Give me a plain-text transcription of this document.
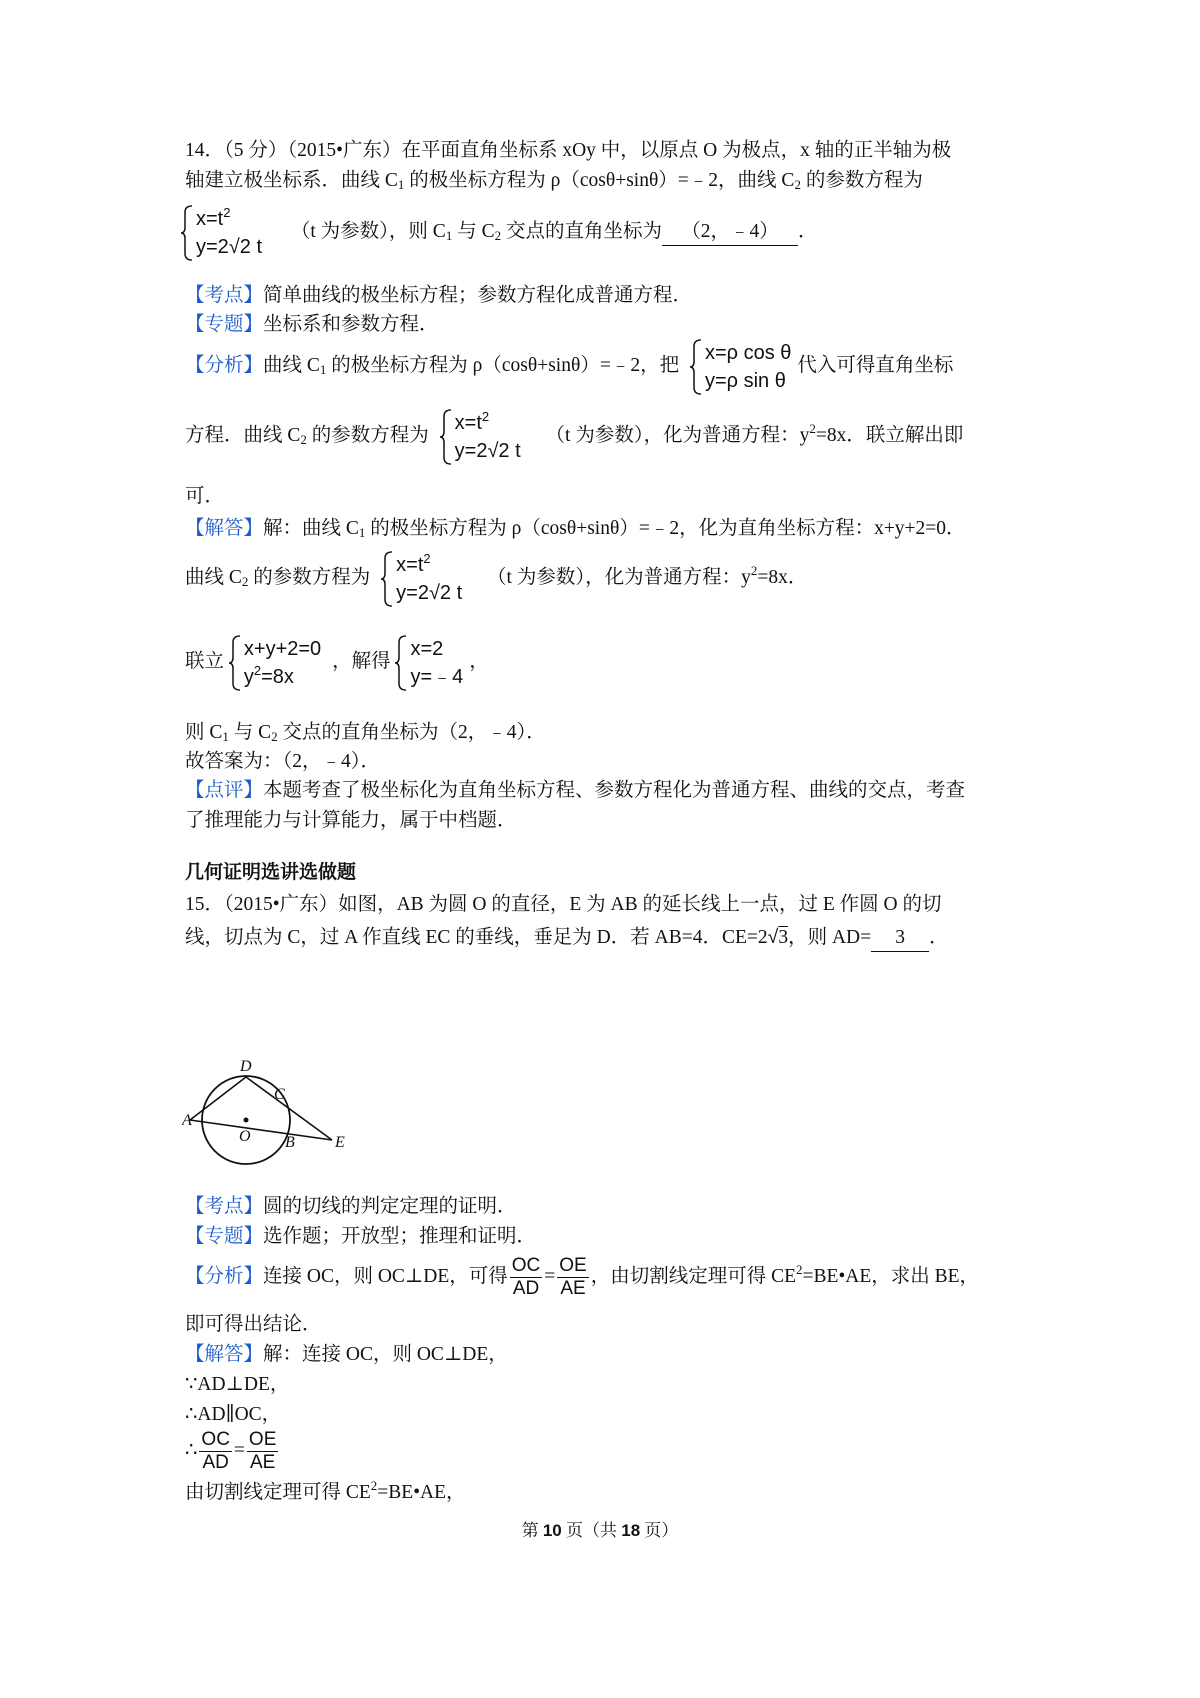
14．（5 分）（2015•广东）在平面直角坐标系 xOy 中，以原点 O 为极点，x 轴的正半轴为极
轴建立极坐标系．曲线 $C_1$ 的极坐标方程为 ρ（cosθ+sinθ）=﹣2，曲线 $C_2$ 的参数方程为
$x=t^2$
y=2√2 t
（t 为参数），则 $C_1$ 与 $C_2$ 交点的直角坐标为 （2，﹣4） ．
【考点】简单曲线的极坐标方程；参数方程化成普通方程．
【专题】坐标系和参数方程．
【分析】曲线 $C_1$ 的极坐标方程为 ρ（cosθ+sinθ）=﹣2，把
x=ρ cos θ
y=ρ sin θ
代入可得直角坐标
方程．曲线 $C_2$ 的参数方程为
$x=t^2$
y=2√2 t
（t 为参数），化为普通方程：$y^2=8x$．联立解出即
可．
【解答】解：曲线 $C_1$ 的极坐标方程为 ρ（cosθ+sinθ）=﹣2，化为直角坐标方程：x+y+2=0．
曲线 $C_2$ 的参数方程为
$x=t^2$
y=2√2 t
（t 为参数），化为普通方程：$y^2=8x$．
联立
x+y+2=0
$y^2=8x$
，解得
x=2
y=﹣4
，
则 $C_1$ 与 $C_2$ 交点的直角坐标为（2，﹣4）．
故答案为：（2，﹣4）．
【点评】本题考查了极坐标化为直角坐标方程、参数方程化为普通方程、曲线的交点，考查
了推理能力与计算能力，属于中档题．
几何证明选讲选做题
15．（2015•广东）如图，AB 为圆 O 的直径，E 为 AB 的延长线上一点，过 E 作圆 O 的切
线，切点为 C，过 A 作直线 EC 的垂线，垂足为 D．若 AB=4．CE=2√3，则 AD= 3 ．
D
C
A
O B	E
【考点】圆的切线的判定定理的证明．
【专题】选作题；开放型；推理和证明．
【分析】连接 OC，则 OC⊥DE，可得 $\frac{OC}{AD} = \frac{OE}{AE}$ ，由切割线定理可得 $CE^2=BE•AE$，求出 BE，
即可得出结论．
【解答】解：连接 OC，则 OC⊥DE，
∵AD⊥DE，
∴AD∥OC，
∴ $\frac{OC}{AD} = \frac{OE}{AE}$
由切割线定理可得 $CE^2=BE•AE$，
第 10 页（共 18 页）
